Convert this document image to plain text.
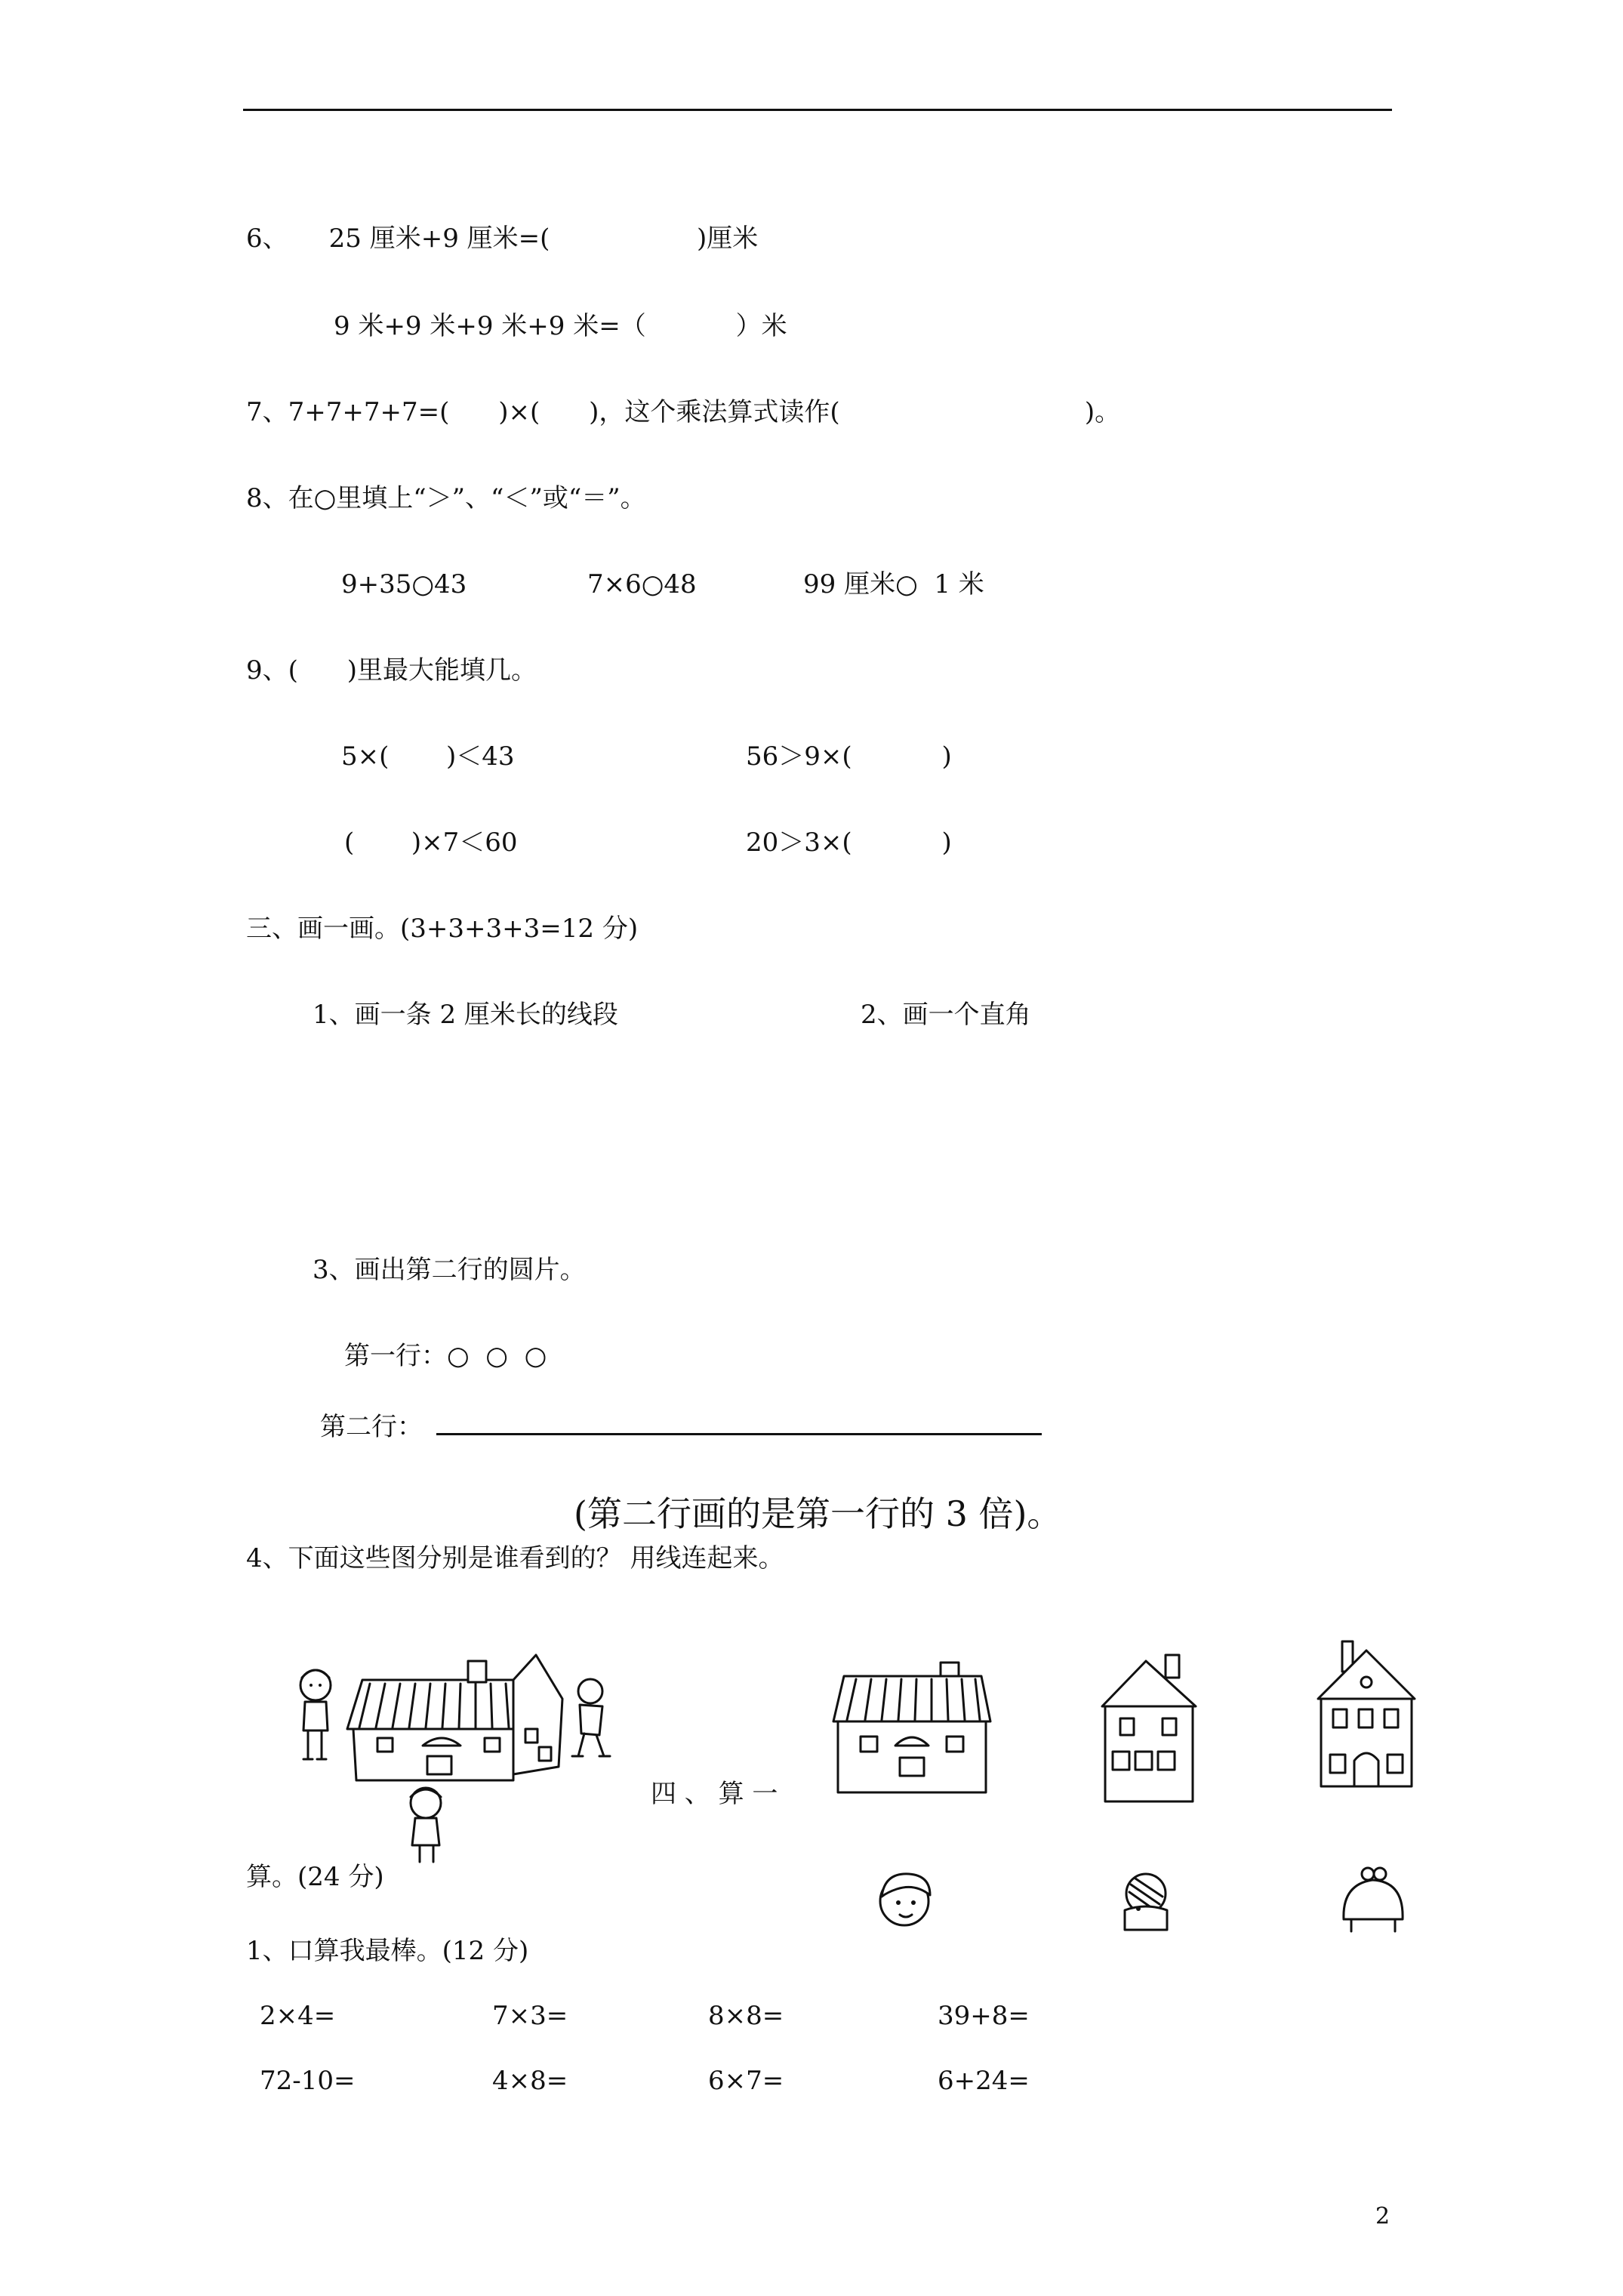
6、     25 厘米+9 厘米=(                  )厘米
9 米+9 米+9 米+9 米=（           ）米
7、7+7+7+7=(      )×(      )，这个乘法算式读作(                              )。
8、在○里填上“＞”、“＜”或“＝”。
9+35○43	7×6○48	99 厘米○  1 米
9、(      )里最大能填几。
5×(       )＜43	56＞9×(           )
(       )×7＜60	20＞3×(           )
三、画一画。(3+3+3+3=12 分)
1、画一条 2 厘米长的线段	2、画一个直角
3、画出第二行的圆片。
第一行：○  ○  ○
第二行：
(第二行画的是第一行的 3 倍)。
4、下面这些图分别是谁看到的？ 用线连起来。
四 、 算 一
算。(24 分)
1、口算我最棒。(12 分)
2×4=	7×3=	8×8=	39+8=
72-10=	4×8=	6×7=	6+24=
2
